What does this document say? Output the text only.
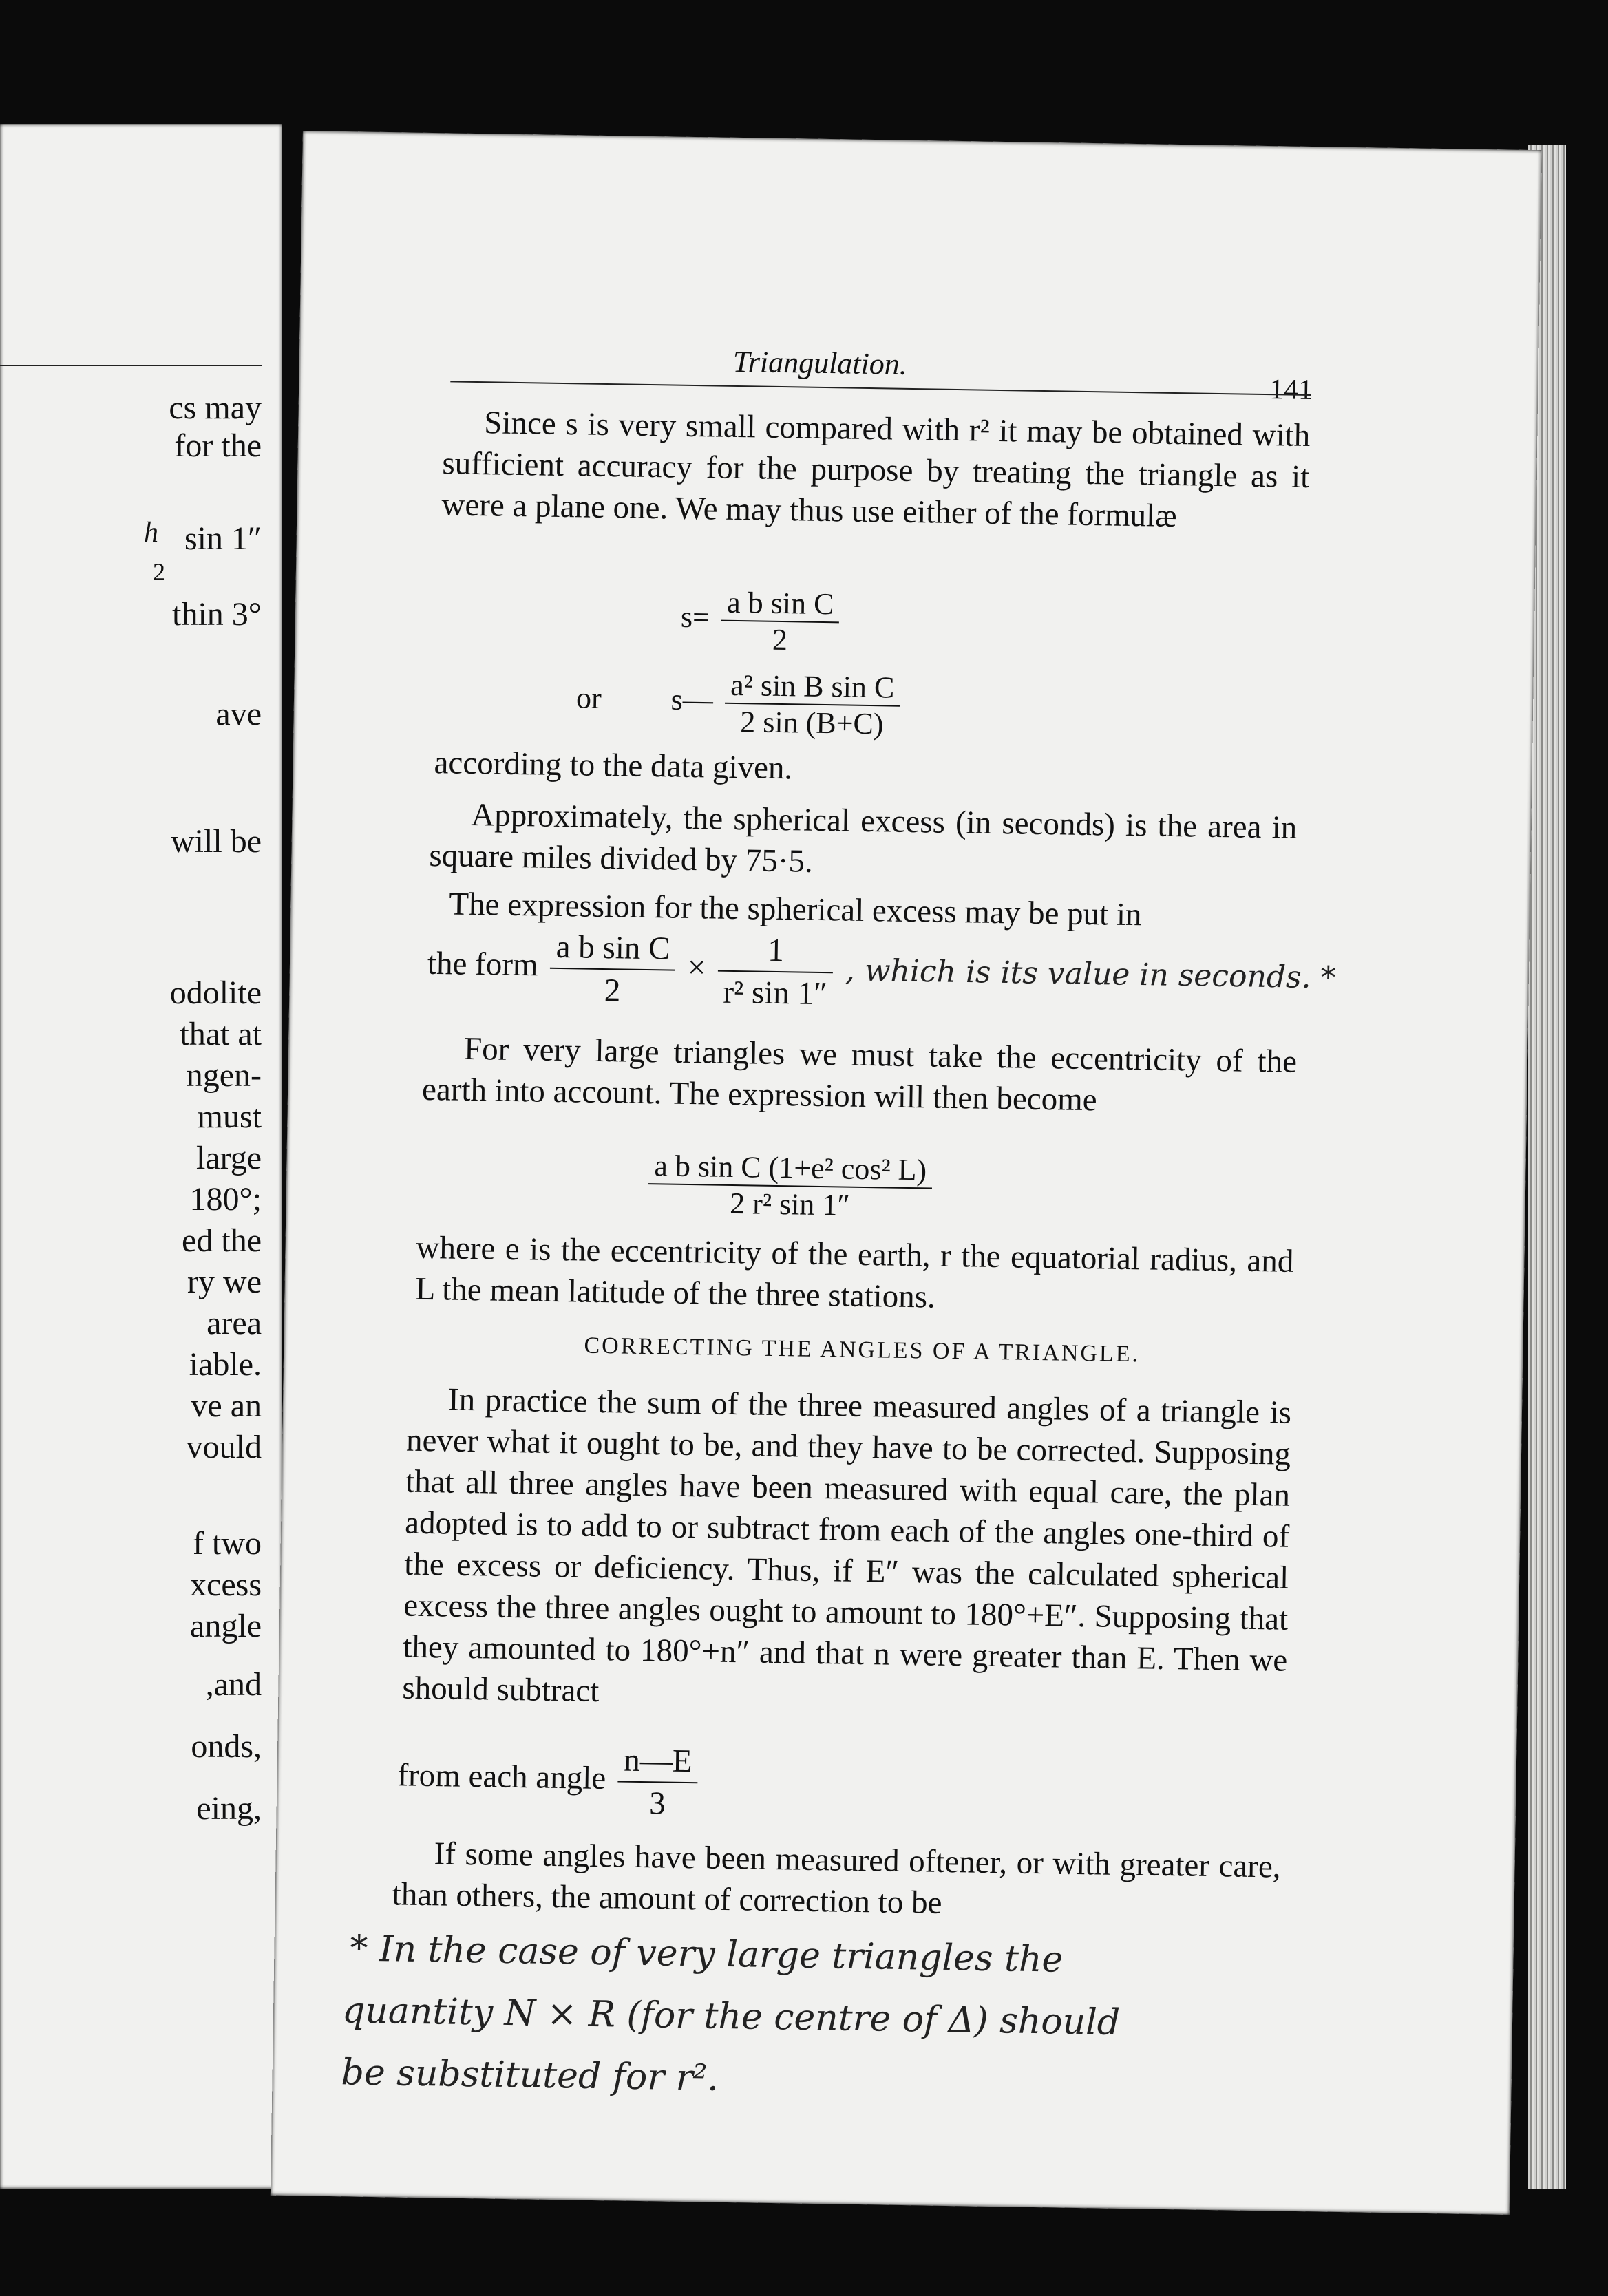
cs may
for the
h sin 1″
2
thin 3°
ave
will be
odolite
that at
ngen-
must
large
180°;
ed the
ry we
area
iable.
ve an
vould
f two
xcess
angle
,and
onds,
eing,
Triangulation.
141
Since s is very small compared with r² it may be obtained with sufficient accuracy for the purpose by treating the triangle as it were a plane one. We may thus use either of the formulæ
$s= \frac{\text{a b sin C}}{2}$
or s— $\frac{\text{a² sin B sin C}}{2 \sin (B+C)}$
according to the data given.
Approximately, the spherical excess (in seconds) is the area in square miles divided by 75·5.
The expression for the spherical excess may be put in
the form $\frac{\text{a b sin C}}{2} \times \frac{1}{\text{r² sin 1″}}$ , which is its value in seconds. *
For very large triangles we must take the eccentricity of the earth into account. The expression will then become
$\frac{\text{a b sin C (1+e² cos² L)}}{\text{2 r² sin 1″}}$
where e is the eccentricity of the earth, r the equatorial radius, and L the mean latitude of the three stations.
CORRECTING THE ANGLES OF A TRIANGLE.
In practice the sum of the three measured angles of a triangle is never what it ought to be, and they have to be corrected. Supposing that all three angles have been measured with equal care, the plan adopted is to add to or subtract from each of the angles one-third of the excess or deficiency. Thus, if E″ was the calculated spherical excess the three angles ought to amount to 180°+E″. Supposing that they amounted to 180°+n″ and that n were greater than E. Then we should subtract
from each angle $\frac{n—E}{3}$
If some angles have been measured oftener, or with greater care, than others, the amount of correction to be
* In the case of very large triangles the
quantity N × R (for the centre of Δ) should
be substituted for r².
